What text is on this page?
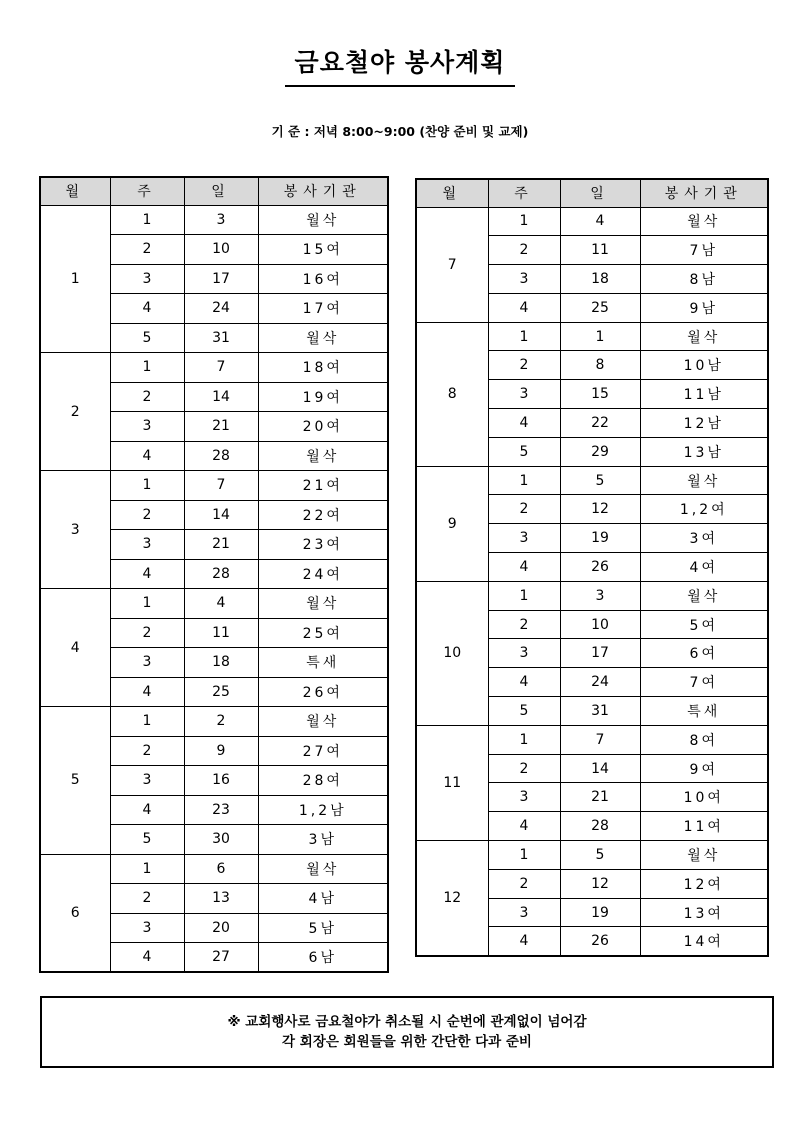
금요철야 봉사계획
기 준 : 저녁 8:00~9:00 (찬양 준비 및 교제)
월	주	일	봉사기관
1	1	3	월삭
	2	10	15여
	3	17	16여
	4	24	17여
	5	31	월삭
2	1	7	18여
	2	14	19여
	3	21	20여
	4	28	월삭
3	1	7	21여
	2	14	22여
	3	21	23여
	4	28	24여
4	1	4	월삭
	2	11	25여
	3	18	특새
	4	25	26여
5	1	2	월삭
	2	9	27여
	3	16	28여
	4	23	1,2남
	5	30	3남
6	1	6	월삭
	2	13	4남
	3	20	5남
	4	27	6남
월	주	일	봉사기관
7	1	4	월삭
	2	11	7남
	3	18	8남
	4	25	9남
8	1	1	월삭
	2	8	10남
	3	15	11남
	4	22	12남
	5	29	13남
9	1	5	월삭
	2	12	1,2여
	3	19	3여
	4	26	4여
10	1	3	월삭
	2	10	5여
	3	17	6여
	4	24	7여
	5	31	특새
11	1	7	8여
	2	14	9여
	3	21	10여
	4	28	11여
12	1	5	월삭
	2	12	12여
	3	19	13여
	4	26	14여
※ 교회행사로 금요철야가 취소될 시 순번에 관계없이 넘어감
각 회장은 회원들을 위한 간단한 다과 준비
